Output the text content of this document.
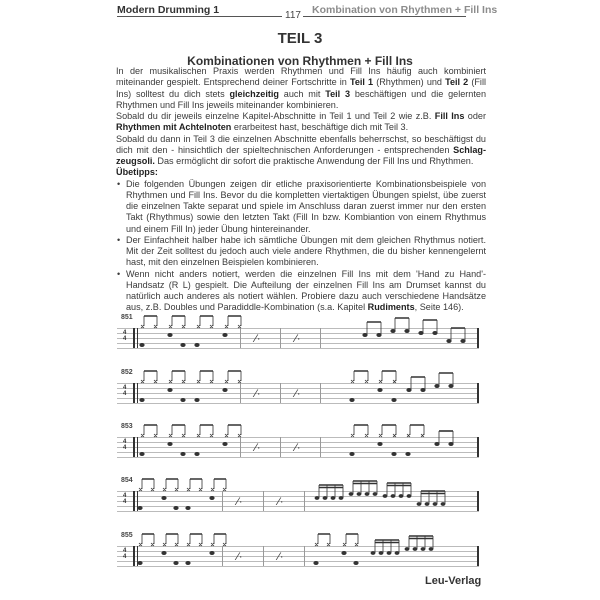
Modern Drumming 1	117 Kombination von Rhythmen + Fill Ins
TEIL 3
Kombinationen von Rhythmen + Fill Ins

In der musikalischen Praxis werden Rhythmen und Fill Ins häufig auch kombiniert miteinander gespielt. Entsprechend deiner Fortschritte in Teil 1 (Rhythmen) und Teil 2 (Fill Ins) solltest du dich stets gleichzeitig auch mit Teil 3 beschäftigen und die gelernten Rhythmen und Fill Ins jeweils miteinander kombinieren.

Sobald du dir jeweils einzelne Kapitel-Abschnitte in Teil 1 und Teil 2 wie z.B. Fill Ins oder Rhythmen mit Achtelnoten erarbeitest hast, beschäftige dich mit Teil 3.

Sobald du dann in Teil 3 die einzelnen Abschnitte ebenfalls beherrschst, so beschäftigst du dich mit den - hinsichtlich der spieltechnischen Anforderungen - entsprechenden Schlag-zeugsoli. Das ermöglicht dir sofort die praktische Anwendung der Fill Ins und Rhythmen.

Übetipps:

• Die folgenden Übungen zeigen dir etliche praxisorientierte Kombinationsbeispiele von Rhythmen und Fill Ins. Bevor du die kompletten viertaktigen Übungen spielst, übe zuerst die einzelnen Takte separat und spiele im Anschluss daran zuerst immer nur den ersten Takt (Rhythmus) sowie den letzten Takt (Fill In bzw. Kombiantion von einem Rhythmus und einem Fill In) jeder Übung hintereinander.
• Der Einfachheit halber habe ich sämtliche Übungen mit dem gleichen Rhythmus notiert. Mit der Zeit solltest du jedoch auch viele andere Rhythmen, die du bisher kennengelernt hast, mit den einzelnen Beispielen kombinieren.
• Wenn nicht anders notiert, werden die einzelnen Fill Ins mit dem 'Hand zu Hand'-Handsatz (R L) gespielt. Die Aufteilung der einzelnen Fill Ins am Drumset kannst du natürlich auch anderes als notiert wählen. Probiere dazu auch verschiedene Handsätze aus, z.B. Doubles und Paradiddle-Kombination (s.a. Kapitel Rudiments, Seite 146).
851
4
4	∕·	∕·
852
4
4	∕·	∕·
853
4
4	∕·	∕·
854
4
4	∕·	∕·
855
4
4	∕·	∕·
Leu-Verlag
